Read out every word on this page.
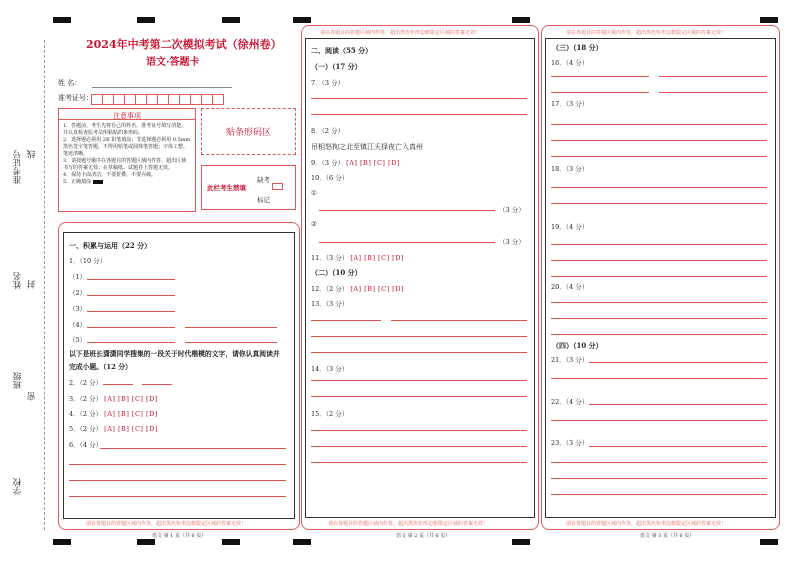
准考证号 线
姓名 封
班级
密
学校
2024年中考第二次模拟考试（徐州卷）
语文·答题卡
姓 名：
准考证号：
注意事项
1．答题前，考生先将自己的姓名，准考证号填写清楚，并认真检查监考员所粘贴的条形码。
2．选择题必须用 2B 铅笔填涂；非选择题必须用 0.5mm 黑色签字笔答题，不得用铅笔或圆珠笔答题；字体工整、笔迹清晰。
3．请按题号顺序在各题目的答题区域内作答，超出区域书写的答案无效；在草稿纸、试题卷上答题无效。
4．保持卡面清洁，不要折叠、不要弄破。
5．正确填涂
贴条形码区
此栏考生禁填
缺考
标记
一、积累与运用（22 分）
1．（10 分）
（1）
（2）
（3）
（4）
（5）
以下是班长潇潇同学搜集的一段关于时代楷模的文字，请你认真阅读并
完成小题。（12 分）
2．（2 分）
3．（2 分） [A] [B] [C] [D]
4．（2 分） [A] [B] [C] [D]
5．（2 分） [A] [B] [C] [D]
6．（4 分）
请在各题目的答题区域内作答，超出黑色矩形边框限定区域的答案无效！
语文 第 1 页（共 6 页）
请在各题目的答题区域内作答，超出黑色矩形边框限定区域的答案无效！
二、阅读（55 分）
（一）（17 分）
7．（3 分）
8．（2 分）
吊相怒拘之北至镇江夭择夜亡入真州
9．（3 分） [A] [B] [C] [D]
10．（6 分）
①
（3 分）
②
（3 分）
11．（3 分） [A] [B] [C] [D]
（二）（10 分）
12．（2 分） [A] [B] [C] [D]
13．（3 分）
14．（3 分）
15．（2 分）
请在各题目的答题区域内作答，超出黑色矩形边框限定区域的答案无效！
语文 第 2 页（共 6 页）
请在各题目的答题区域内作答，超出黑色矩形边框限定区域的答案无效！
（三）（18 分）
16．（4 分）
17．（3 分）
18．（3 分）
19．（4 分）
20．（4 分）
（四）（10 分）
21．（3 分）
22．（4 分）
23．（3 分）
请在各题目的答题区域内作答，超出黑色矩形边框限定区域的答案无效！
语文 第 3 页（共 6 页）
